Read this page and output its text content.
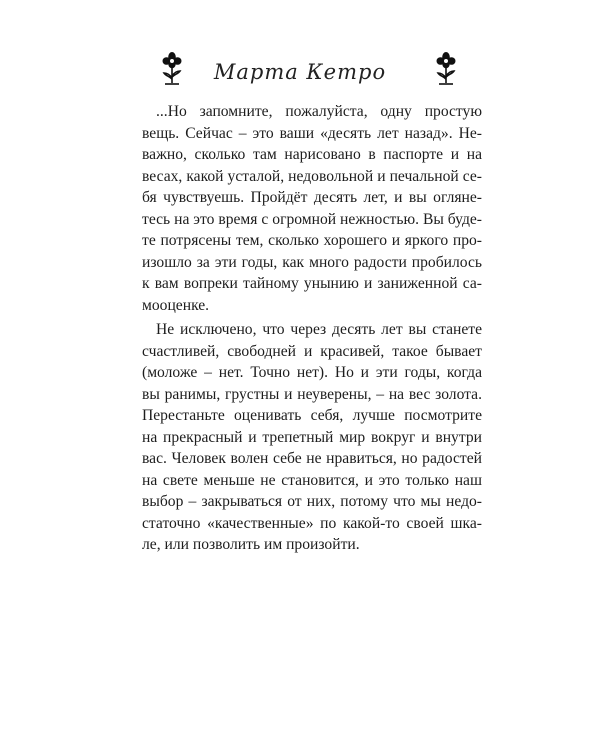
Марта Кетро
...Но запомните, пожалуйста, одну простую
вещь. Сейчас – это ваши «десять лет назад». Не-
важно, сколько там нарисовано в паспорте и на
весах, какой усталой, недовольной и печальной се-
бя чувствуешь. Пройдёт десять лет, и вы огляне-
тесь на это время с огромной нежностью. Вы буде-
те потрясены тем, сколько хорошего и яркого про-
изошло за эти годы, как много радости пробилось
к вам вопреки тайному унынию и заниженной са-
мооценке.
Не исключено, что через десять лет вы станете
счастливей, свободней и красивей, такое бывает
(моложе – нет. Точно нет). Но и эти годы, когда
вы ранимы, грустны и неуверены, – на вес золота.
Перестаньте оценивать себя, лучше посмотрите
на прекрасный и трепетный мир вокруг и внутри
вас. Человек волен себе не нравиться, но радостей
на свете меньше не становится, и это только наш
выбор – закрываться от них, потому что мы недо-
статочно «качественные» по какой-то своей шка-
ле, или позволить им произойти.
